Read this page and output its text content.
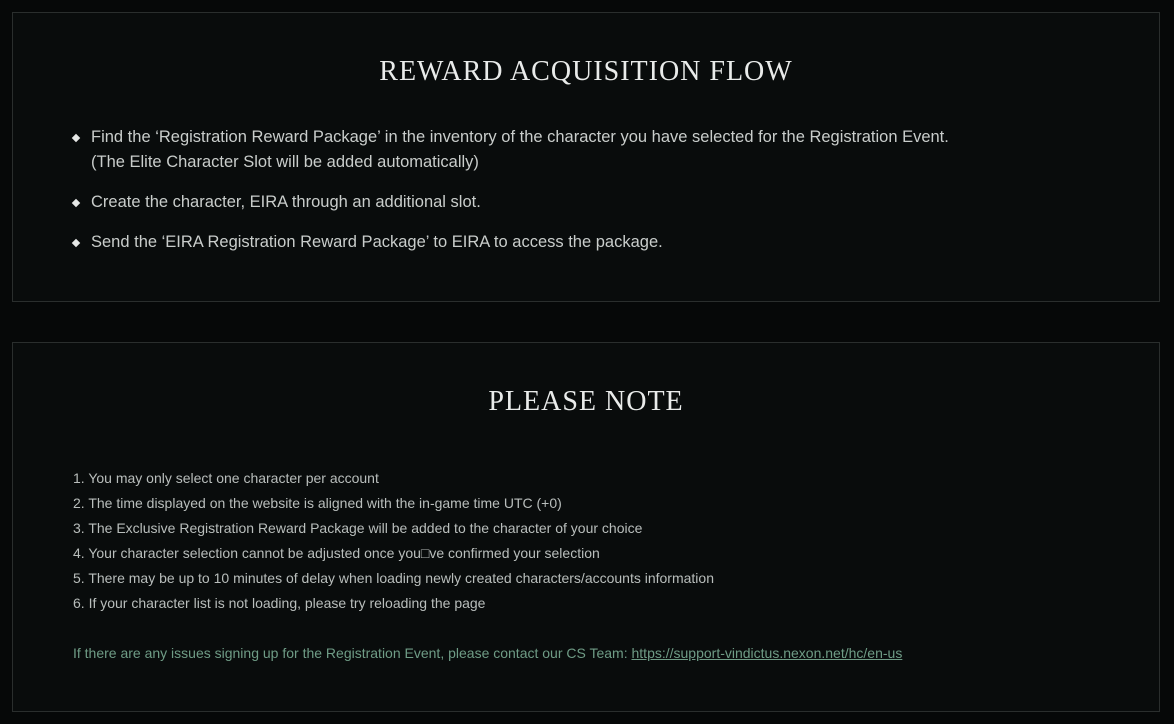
REWARD ACQUISITION FLOW
Find the ‘Registration Reward Package’ in the inventory of the character you have selected for the Registration Event.
(The Elite Character Slot will be added automatically)
Create the character, EIRA through an additional slot.
Send the ‘EIRA Registration Reward Package’ to EIRA to access the package.
PLEASE NOTE
1. You may only select one character per account
2. The time displayed on the website is aligned with the in-game time UTC (+0)
3. The Exclusive Registration Reward Package will be added to the character of your choice
4. Your character selection cannot be adjusted once you□ve confirmed your selection
5. There may be up to 10 minutes of delay when loading newly created characters/accounts information
6. If your character list is not loading, please try reloading the page
If there are any issues signing up for the Registration Event, please contact our CS Team: https://support-vindictus.nexon.net/hc/en-us
